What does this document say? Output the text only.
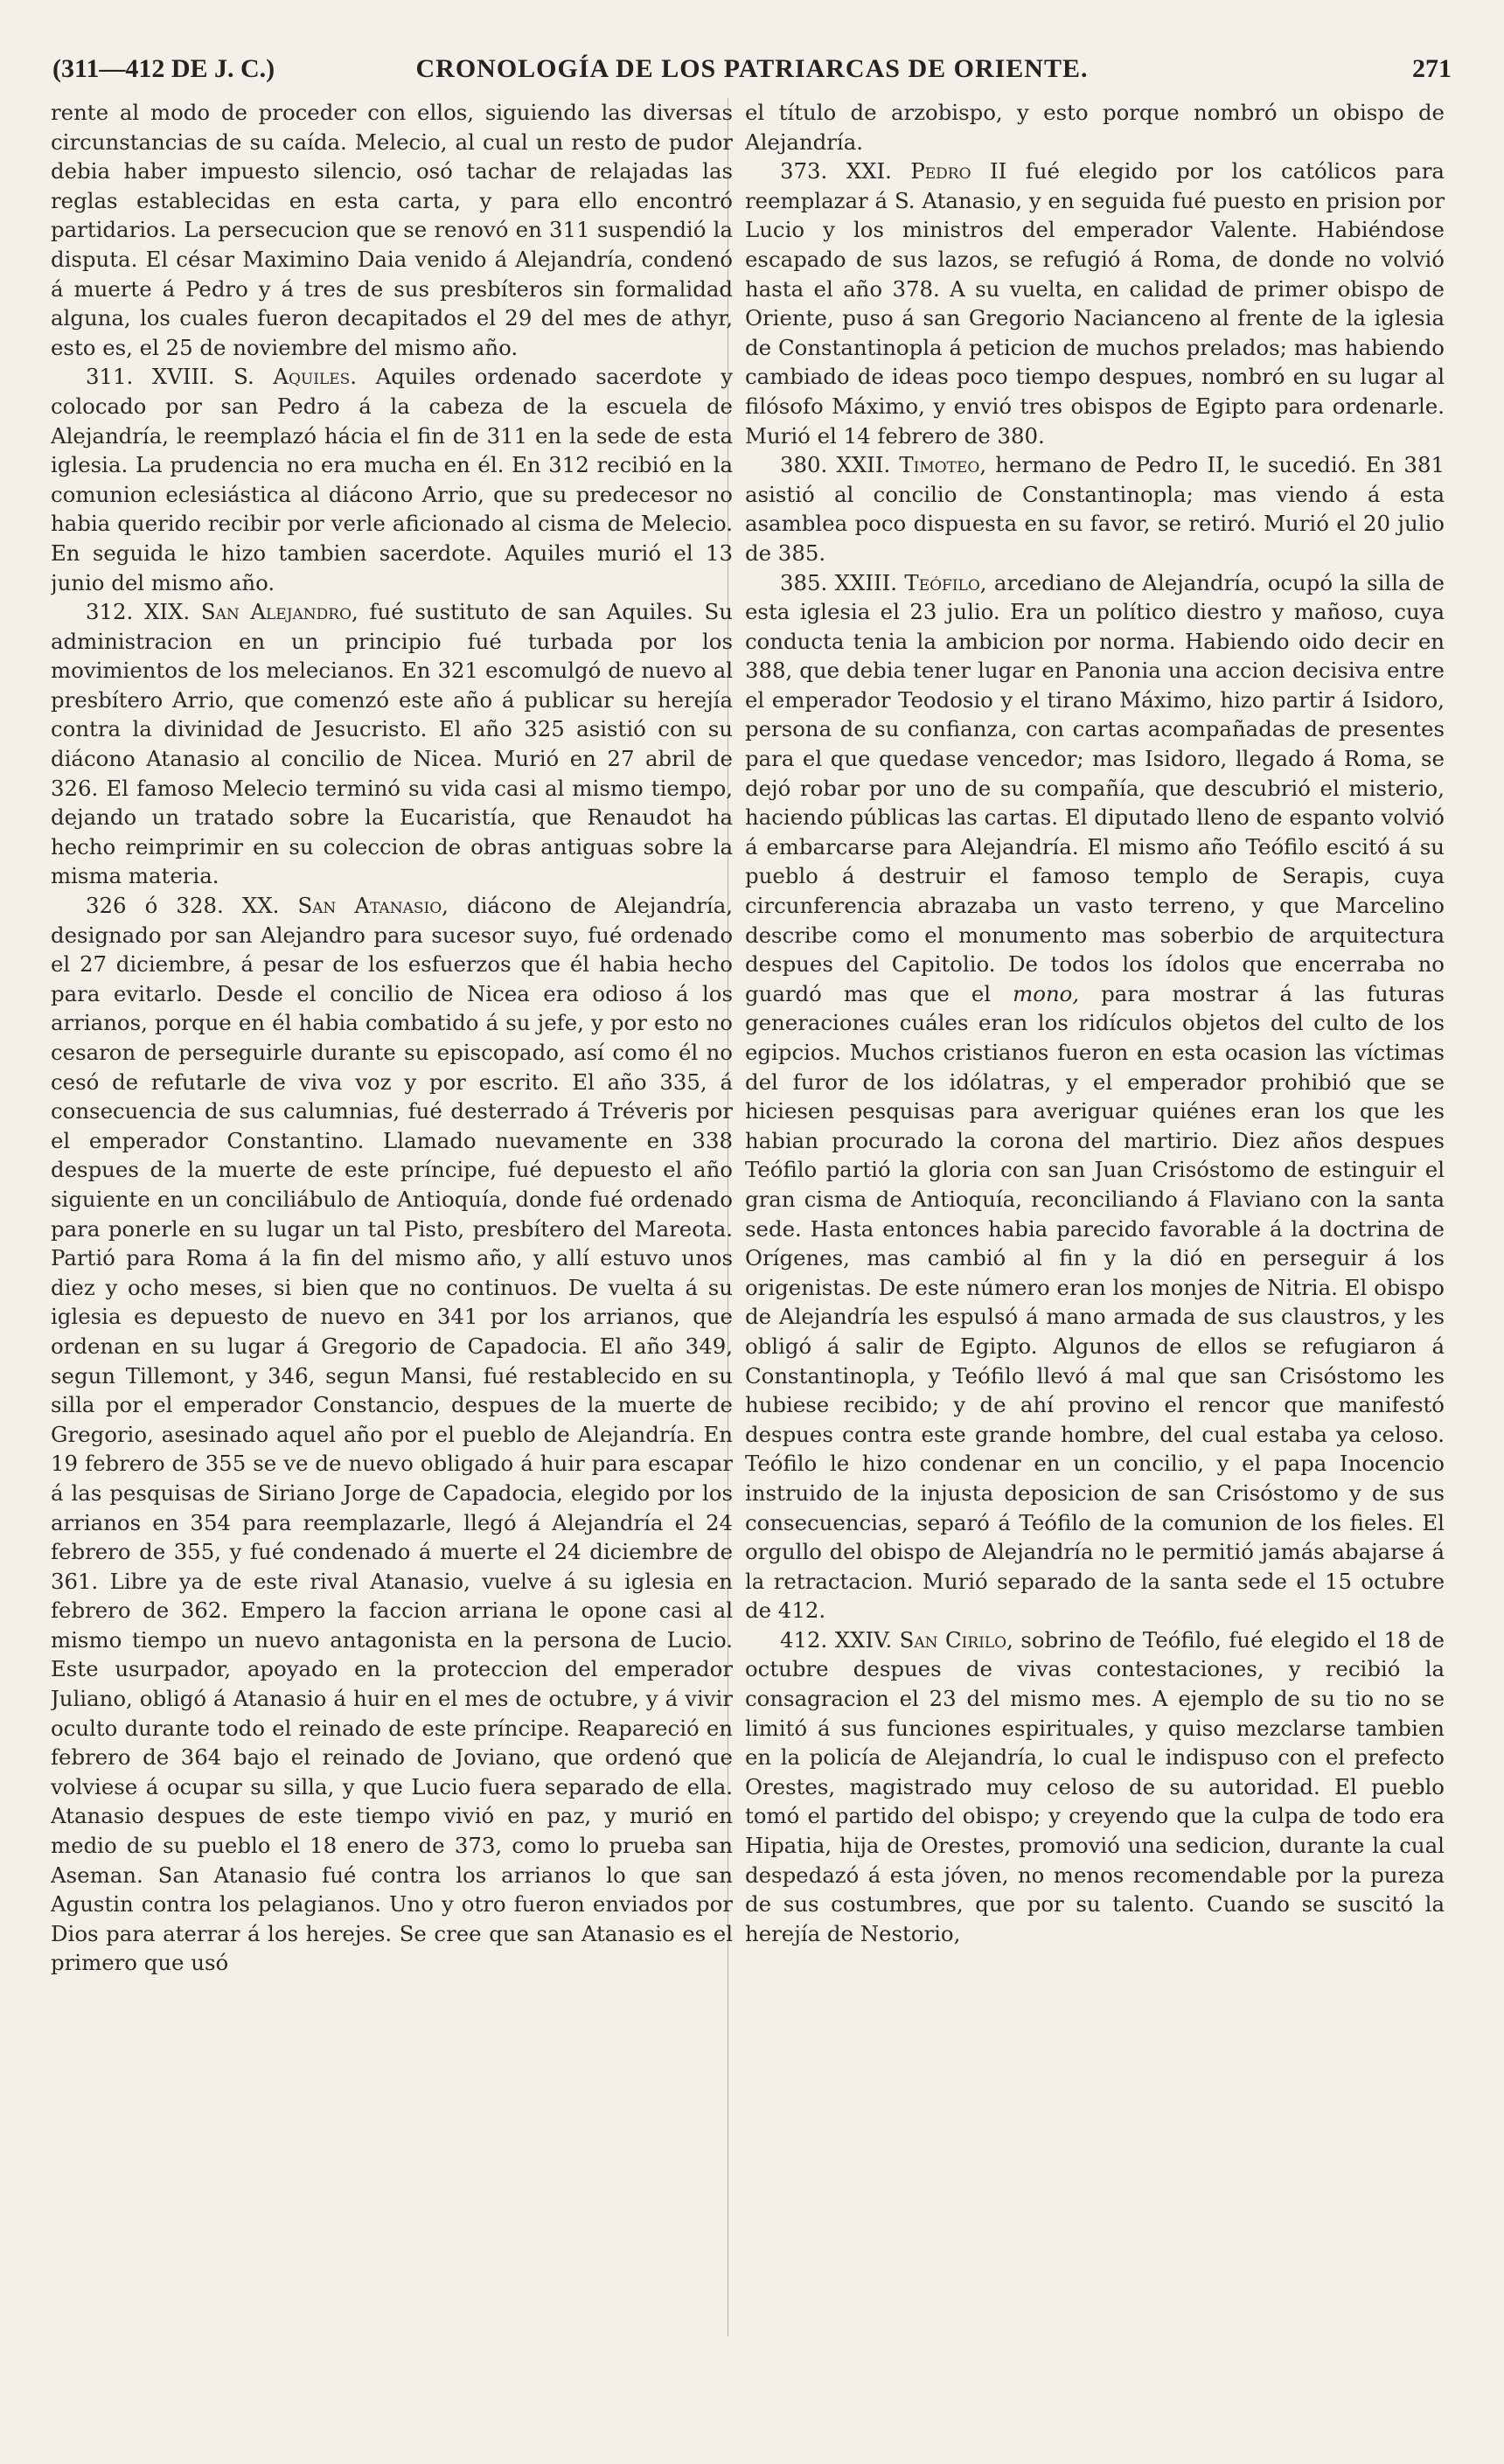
(311—412 DE J. C.)	CRONOLOGÍA DE LOS PATRIARCAS DE ORIENTE.	271

rente al modo de proceder con ellos, siguiendo las diversas circunstancias de su caída. Melecio, al cual un resto de pudor debia haber impuesto silencio, osó tachar de relajadas las reglas establecidas en esta carta, y para ello encontró partidarios. La persecucion que se renovó en 311 suspendió la disputa. El césar Maximino Daia venido á Alejandría, condenó á muerte á Pedro y á tres de sus presbíteros sin formalidad alguna, los cuales fueron decapitados el 29 del mes de athyr, esto es, el 25 de noviembre del mismo año.

311. XVIII. S. Aquiles. Aquiles ordenado sacerdote y colocado por san Pedro á la cabeza de la escuela de Alejandría, le reemplazó hácia el fin de 311 en la sede de esta iglesia. La prudencia no era mucha en él. En 312 recibió en la comunion eclesiástica al diácono Arrio, que su predecesor no habia querido recibir por verle aficionado al cisma de Melecio. En seguida le hizo tambien sacerdote. Aquiles murió el 13 junio del mismo año.

312. XIX. San Alejandro, fué sustituto de san Aquiles. Su administracion en un principio fué turbada por los movimientos de los melecianos. En 321 escomulgó de nuevo al presbítero Arrio, que comenzó este año á publicar su herejía contra la divinidad de Jesucristo. El año 325 asistió con su diácono Atanasio al concilio de Nicea. Murió en 27 abril de 326. El famoso Melecio terminó su vida casi al mismo tiempo, dejando un tratado sobre la Eucaristía, que Renaudot ha hecho reimprimir en su coleccion de obras antiguas sobre la misma materia.

326 ó 328. XX. San Atanasio, diácono de Alejandría, designado por san Alejandro para sucesor suyo, fué ordenado el 27 diciembre, á pesar de los esfuerzos que él habia hecho para evitarlo. Desde el concilio de Nicea era odioso á los arrianos, porque en él habia combatido á su jefe, y por esto no cesaron de perseguirle durante su episcopado, así como él no cesó de refutarle de viva voz y por escrito. El año 335, á consecuencia de sus calumnias, fué desterrado á Tréveris por el emperador Constantino. Llamado nuevamente en 338 despues de la muerte de este príncipe, fué depuesto el año siguiente en un conciliábulo de Antioquía, donde fué ordenado para ponerle en su lugar un tal Pisto, presbítero del Mareota. Partió para Roma á la fin del mismo año, y allí estuvo unos diez y ocho meses, si bien que no continuos. De vuelta á su iglesia es depuesto de nuevo en 341 por los arrianos, que ordenan en su lugar á Gregorio de Capadocia. El año 349, segun Tillemont, y 346, segun Mansi, fué restablecido en su silla por el emperador Constancio, despues de la muerte de Gregorio, asesinado aquel año por el pueblo de Alejandría. En 19 febrero de 355 se ve de nuevo obligado á huir para escapar á las pesquisas de Siriano Jorge de Capadocia, elegido por los arrianos en 354 para reemplazarle, llegó á Alejandría el 24 febrero de 355, y fué condenado á muerte el 24 diciembre de 361. Libre ya de este rival Atanasio, vuelve á su iglesia en febrero de 362. Empero la faccion arriana le opone casi al mismo tiempo un nuevo antagonista en la persona de Lucio. Este usurpador, apoyado en la proteccion del emperador Juliano, obligó á Atanasio á huir en el mes de octubre, y á vivir oculto durante todo el reinado de este príncipe. Reapareció en febrero de 364 bajo el reinado de Joviano, que ordenó que volviese á ocupar su silla, y que Lucio fuera separado de ella. Atanasio despues de este tiempo vivió en paz, y murió en medio de su pueblo el 18 enero de 373, como lo prueba san Aseman. San Atanasio fué contra los arrianos lo que san Agustin contra los pelagianos. Uno y otro fueron enviados por Dios para aterrar á los herejes. Se cree que san Atanasio es el primero que usó

el título de arzobispo, y esto porque nombró un obispo de Alejandría.

373. XXI. Pedro II fué elegido por los católicos para reemplazar á S. Atanasio, y en seguida fué puesto en prision por Lucio y los ministros del emperador Valente. Habiéndose escapado de sus lazos, se refugió á Roma, de donde no volvió hasta el año 378. A su vuelta, en calidad de primer obispo de Oriente, puso á san Gregorio Nacianceno al frente de la iglesia de Constantinopla á peticion de muchos prelados; mas habiendo cambiado de ideas poco tiempo despues, nombró en su lugar al filósofo Máximo, y envió tres obispos de Egipto para ordenarle. Murió el 14 febrero de 380.

380. XXII. Timoteo, hermano de Pedro II, le sucedió. En 381 asistió al concilio de Constantinopla; mas viendo á esta asamblea poco dispuesta en su favor, se retiró. Murió el 20 julio de 385.

385. XXIII. Teófilo, arcediano de Alejandría, ocupó la silla de esta iglesia el 23 julio. Era un político diestro y mañoso, cuya conducta tenia la ambicion por norma. Habiendo oido decir en 388, que debia tener lugar en Panonia una accion decisiva entre el emperador Teodosio y el tirano Máximo, hizo partir á Isidoro, persona de su confianza, con cartas acompañadas de presentes para el que quedase vencedor; mas Isidoro, llegado á Roma, se dejó robar por uno de su compañía, que descubrió el misterio, haciendo públicas las cartas. El diputado lleno de espanto volvió á embarcarse para Alejandría. El mismo año Teófilo escitó á su pueblo á destruir el famoso templo de Serapis, cuya circunferencia abrazaba un vasto terreno, y que Marcelino describe como el monumento mas soberbio de arquitectura despues del Capitolio. De todos los ídolos que encerraba no guardó mas que el mono, para mostrar á las futuras generaciones cuáles eran los ridículos objetos del culto de los egipcios. Muchos cristianos fueron en esta ocasion las víctimas del furor de los idólatras, y el emperador prohibió que se hiciesen pesquisas para averiguar quiénes eran los que les habian procurado la corona del martirio. Diez años despues Teófilo partió la gloria con san Juan Crisóstomo de estinguir el gran cisma de Antioquía, reconciliando á Flaviano con la santa sede. Hasta entonces habia parecido favorable á la doctrina de Orígenes, mas cambió al fin y la dió en perseguir á los origenistas. De este número eran los monjes de Nitria. El obispo de Alejandría les espulsó á mano armada de sus claustros, y les obligó á salir de Egipto. Algunos de ellos se refugiaron á Constantinopla, y Teófilo llevó á mal que san Crisóstomo les hubiese recibido; y de ahí provino el rencor que manifestó despues contra este grande hombre, del cual estaba ya celoso. Teófilo le hizo condenar en un concilio, y el papa Inocencio instruido de la injusta deposicion de san Crisóstomo y de sus consecuencias, separó á Teófilo de la comunion de los fieles. El orgullo del obispo de Alejandría no le permitió jamás abajarse á la retractacion. Murió separado de la santa sede el 15 octubre de 412.

412. XXIV. San Cirilo, sobrino de Teófilo, fué elegido el 18 de octubre despues de vivas contestaciones, y recibió la consagracion el 23 del mismo mes. A ejemplo de su tio no se limitó á sus funciones espirituales, y quiso mezclarse tambien en la policía de Alejandría, lo cual le indispuso con el prefecto Orestes, magistrado muy celoso de su autoridad. El pueblo tomó el partido del obispo; y creyendo que la culpa de todo era Hipatia, hija de Orestes, promovió una sedicion, durante la cual despedazó á esta jóven, no menos recomendable por la pureza de sus costumbres, que por su talento. Cuando se suscitó la herejía de Nestorio,
